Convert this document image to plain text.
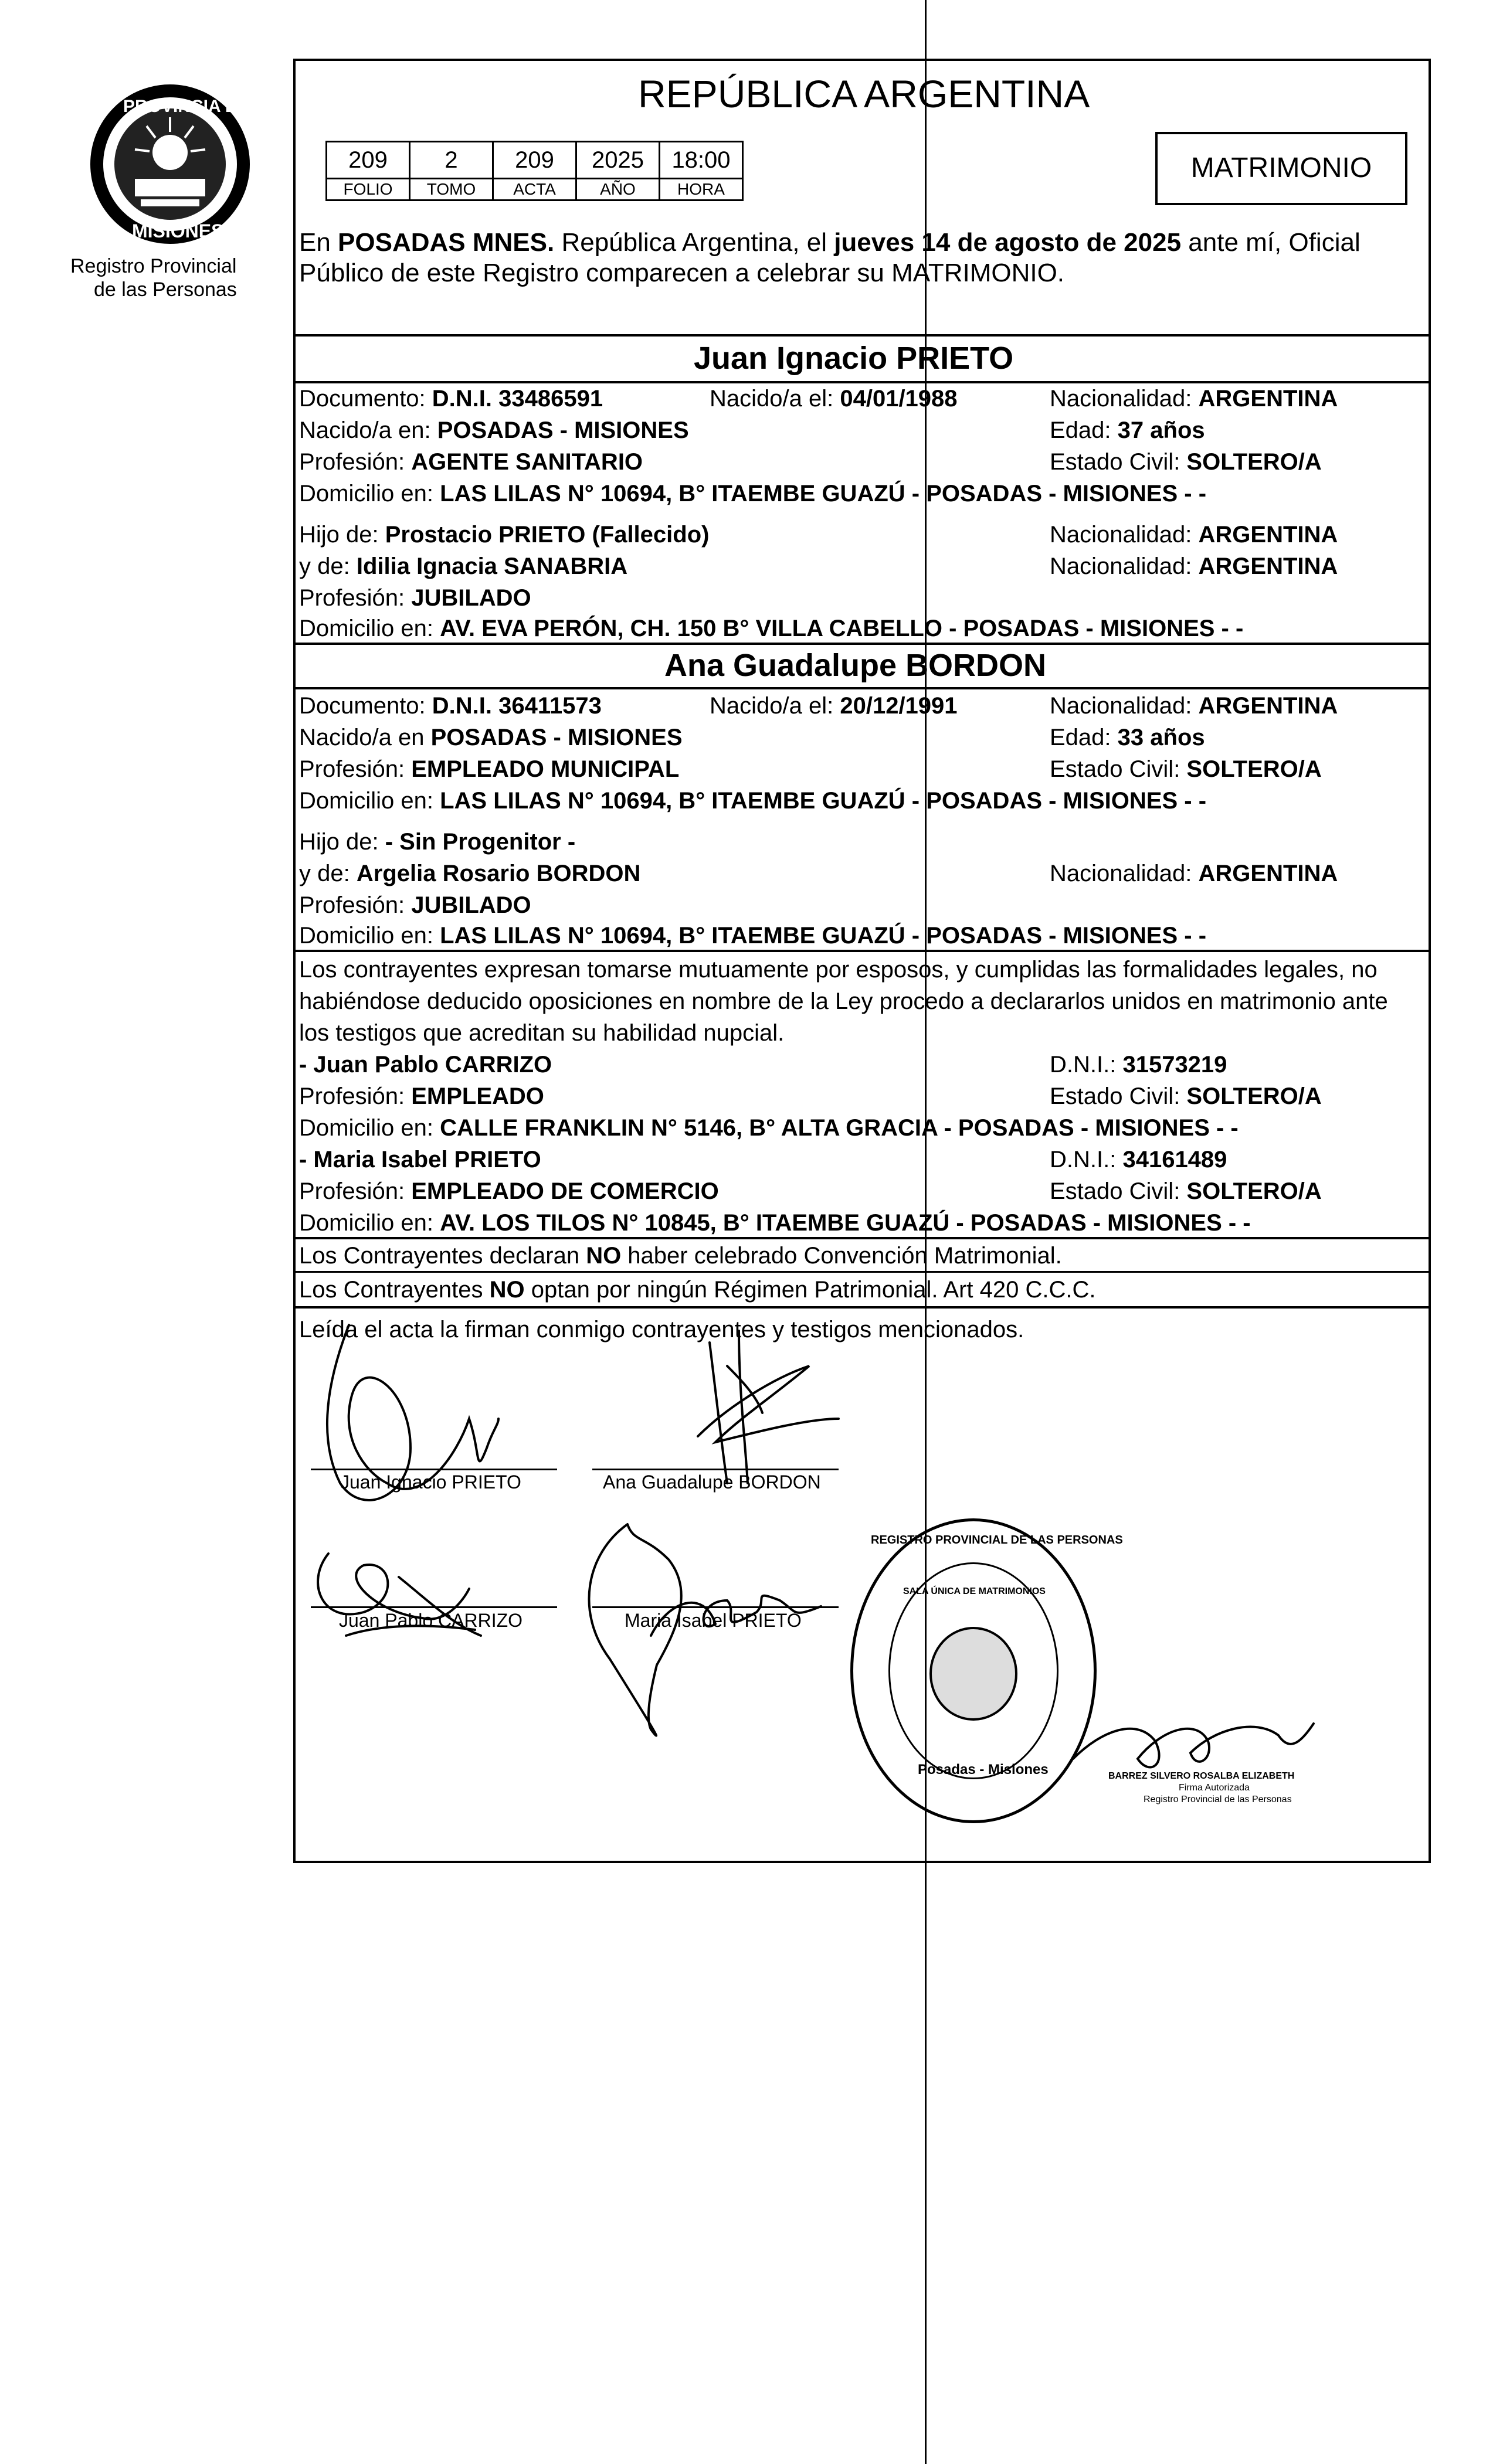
PROVINCIA DE
MISIONES
Registro Provincial
de las Personas
REPÚBLICA ARGENTINA
209	2	209	2025	18:00
FOLIO	TOMO	ACTA	AÑO	HORA
MATRIMONIO
En POSADAS MNES. República Argentina, el jueves 14 de agosto de 2025 ante mí, Oficial
Público de este Registro comparecen a celebrar su MATRIMONIO.
Juan Ignacio PRIETO
Documento: D.N.I. 33486591	Nacido/a el: 04/01/1988	Nacionalidad: ARGENTINA
Nacido/a en: POSADAS - MISIONES	Edad: 37 años
Profesión: AGENTE SANITARIO	Estado Civil: SOLTERO/A
Domicilio en: LAS LILAS N° 10694, B° ITAEMBE GUAZÚ - POSADAS - MISIONES - -
Hijo de: Prostacio PRIETO (Fallecido)	Nacionalidad: ARGENTINA
y de: Idilia Ignacia SANABRIA	Nacionalidad: ARGENTINA
Profesión: JUBILADO
Domicilio en: AV. EVA PERÓN, CH. 150 B° VILLA CABELLO - POSADAS - MISIONES - -
Ana Guadalupe BORDON
Documento: D.N.I. 36411573	Nacido/a el: 20/12/1991	Nacionalidad: ARGENTINA
Nacido/a en POSADAS - MISIONES	Edad: 33 años
Profesión: EMPLEADO MUNICIPAL	Estado Civil: SOLTERO/A
Domicilio en: LAS LILAS N° 10694, B° ITAEMBE GUAZÚ - POSADAS - MISIONES - -
Hijo de: - Sin Progenitor -
y de: Argelia Rosario BORDON	Nacionalidad: ARGENTINA
Profesión: JUBILADO
Domicilio en: LAS LILAS N° 10694, B° ITAEMBE GUAZÚ - POSADAS - MISIONES - -
Los contrayentes expresan tomarse mutuamente por esposos, y cumplidas las formalidades legales, no
habiéndose deducido oposiciones en nombre de la Ley procedo a declararlos unidos en matrimonio ante
los testigos que acreditan su habilidad nupcial.
- Juan Pablo CARRIZO	D.N.I.: 31573219
Profesión: EMPLEADO	Estado Civil: SOLTERO/A
Domicilio en: CALLE FRANKLIN N° 5146, B° ALTA GRACIA - POSADAS - MISIONES - -
- Maria Isabel PRIETO	D.N.I.: 34161489
Profesión: EMPLEADO DE COMERCIO	Estado Civil: SOLTERO/A
Domicilio en: AV. LOS TILOS N° 10845, B° ITAEMBE GUAZÚ - POSADAS - MISIONES - -
Los Contrayentes declaran NO haber celebrado Convención Matrimonial.
Los Contrayentes NO optan por ningún Régimen Patrimonial. Art 420 C.C.C.
Leída el acta la firman conmigo contrayentes y testigos mencionados.
Juan Ignacio PRIETO	Ana Guadalupe BORDON
Juan Pablo CARRIZO	Maria Isabel PRIETO
REGISTRO PROVINCIAL DE LAS PERSONAS
SALA ÚNICA DE MATRIMONIOS
Posadas - Misiones	BARREZ SILVERO ROSALBA ELIZABETH
Firma Autorizada
Registro Provincial de las Personas
